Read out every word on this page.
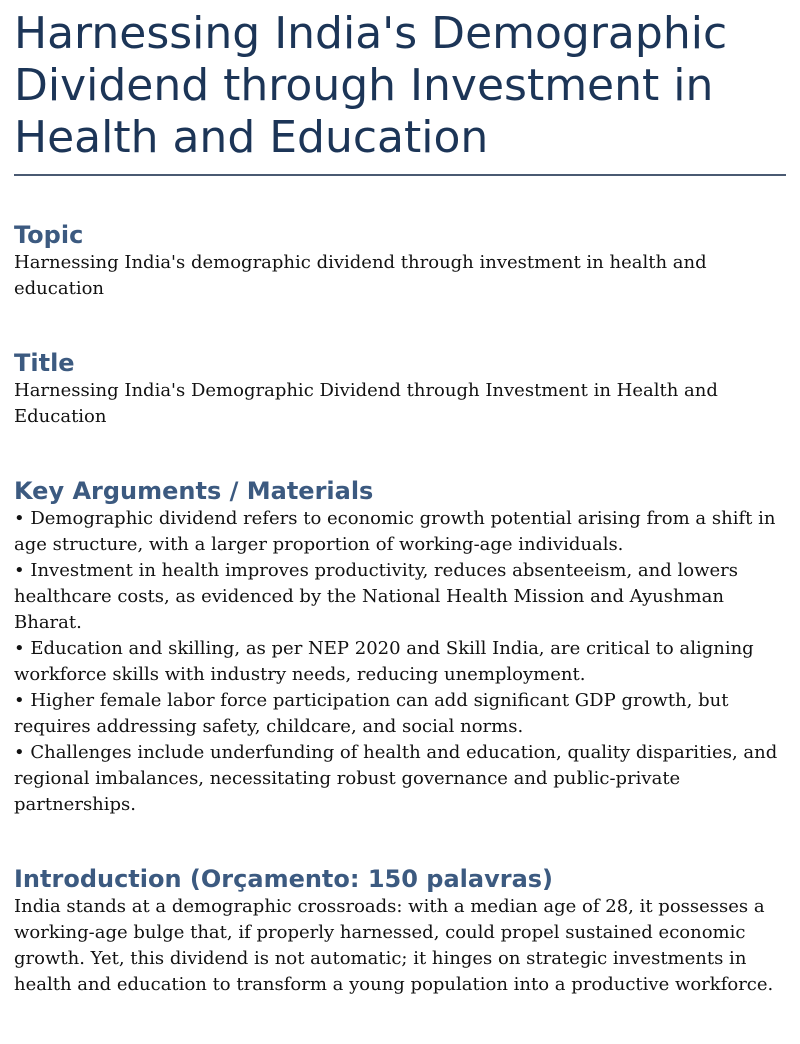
Harnessing India's Demographic Dividend through Investment in Health and Education
Topic

Harnessing India's demographic dividend through investment in health and education

Title

Harnessing India's Demographic Dividend through Investment in Health and Education

Key Arguments / Materials
• Demographic dividend refers to economic growth potential arising from a shift in age structure, with a larger proportion of working-age individuals.
• Investment in health improves productivity, reduces absenteeism, and lowers healthcare costs, as evidenced by the National Health Mission and Ayushman Bharat.
• Education and skilling, as per NEP 2020 and Skill India, are critical to aligning workforce skills with industry needs, reducing unemployment.
• Higher female labor force participation can add significant GDP growth, but requires addressing safety, childcare, and social norms.
• Challenges include underfunding of health and education, quality disparities, and regional imbalances, necessitating robust governance and public-private partnerships.
Introduction (Orçamento: 150 palavras)

India stands at a demographic crossroads: with a median age of 28, it possesses a working-age bulge that, if properly harnessed, could propel sustained economic growth. Yet, this dividend is not automatic; it hinges on strategic investments in health and education to transform a young population into a productive workforce.
